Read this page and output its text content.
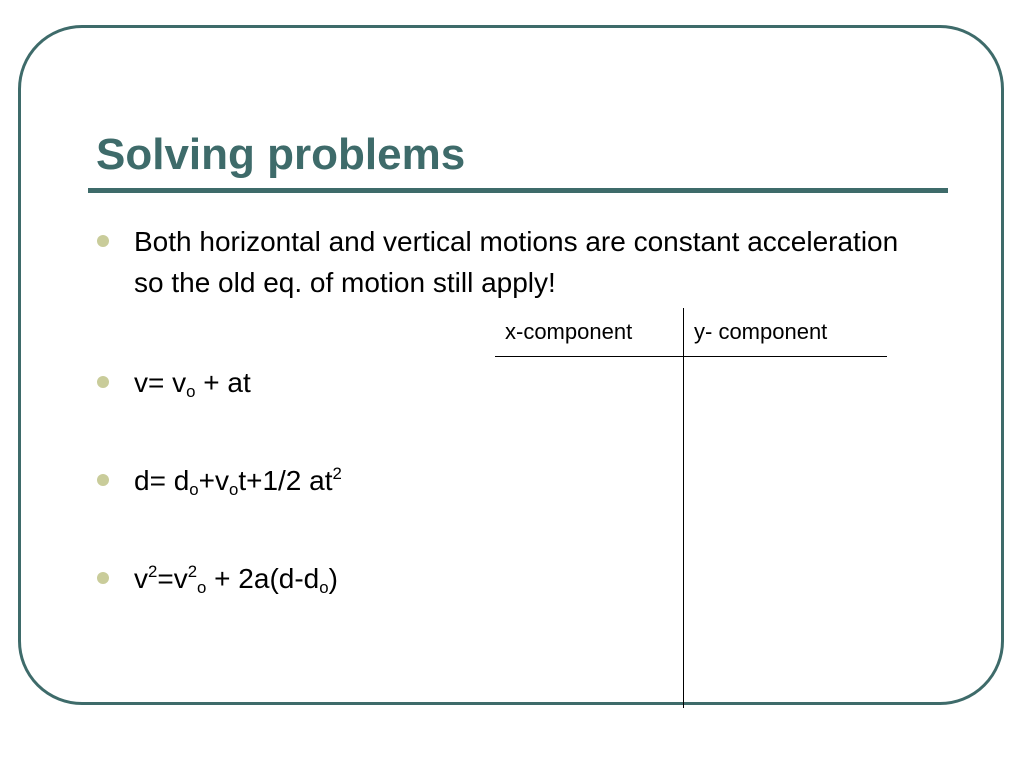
Solving problems
Both horizontal and vertical motions are constant acceleration so the old eq. of motion still apply!
$v= v_o$ + at
$d= d_o+v_ot+1/2$ $at^2$
$v^2=v^2_o + 2a(d-d_o)$
x-component	y- component
